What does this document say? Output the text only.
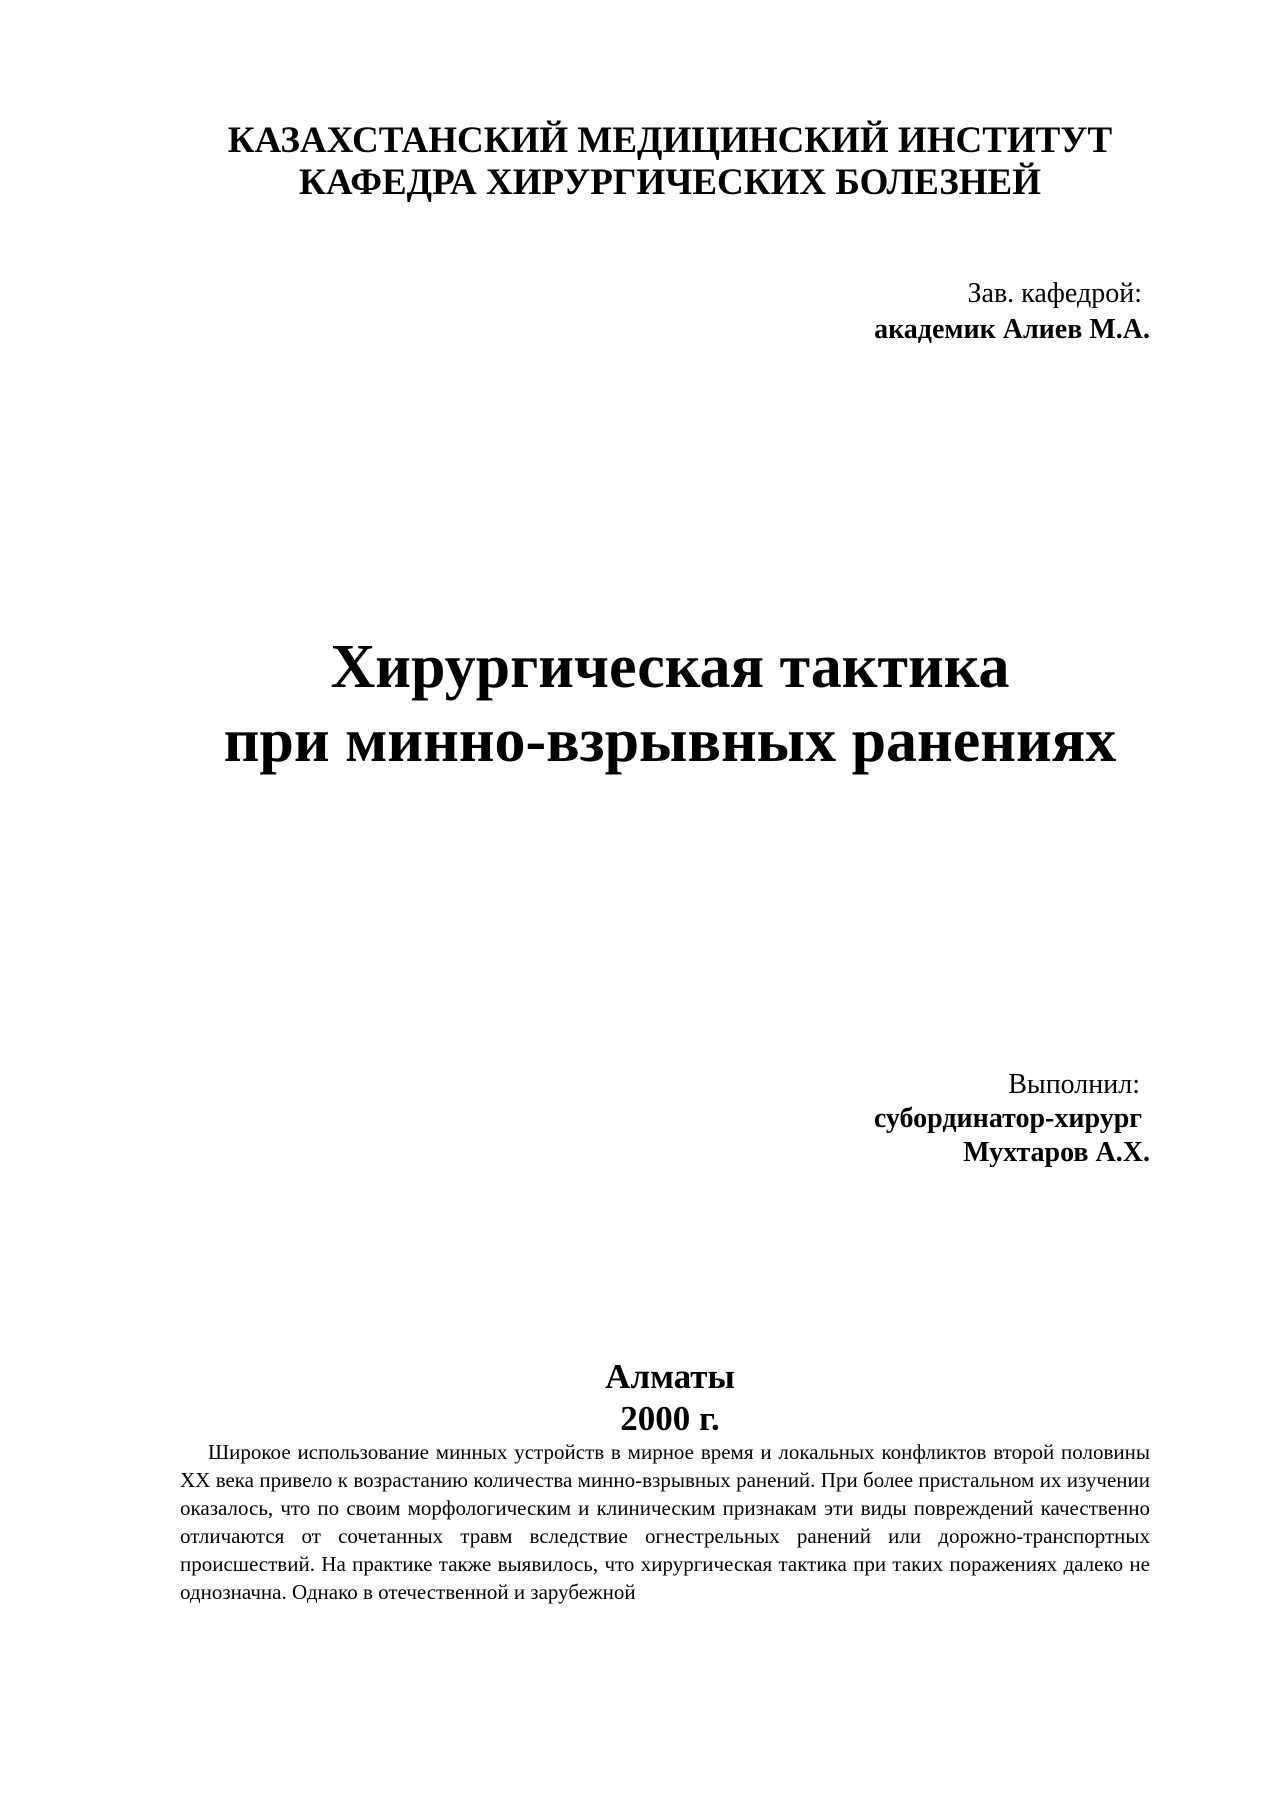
КАЗАХСТАНСКИЙ МЕДИЦИНСКИЙ ИНСТИТУТ
КАФЕДРА ХИРУРГИЧЕСКИХ БОЛЕЗНЕЙ
Зав. кафедрой:
академик Алиев М.А.
Хирургическая тактика
при минно-взрывных ранениях
Выполнил:
субординатор-хирург
Мухтаров А.Х.
Алматы
2000 г.

Широкое использование минных устройств в мирное время и локальных конфликтов второй половины XX века привело к возрастанию количества минно-взрывных ранений. При более пристальном их изучении оказалось, что по своим морфологическим и клиническим признакам эти виды повреждений качественно отличаются от сочетанных травм вследствие огнестрельных ранений или дорожно-транспортных происшествий. На практике также выявилось, что хирургическая тактика при таких поражениях далеко не однозначна. Однако в отечественной и зарубежной
